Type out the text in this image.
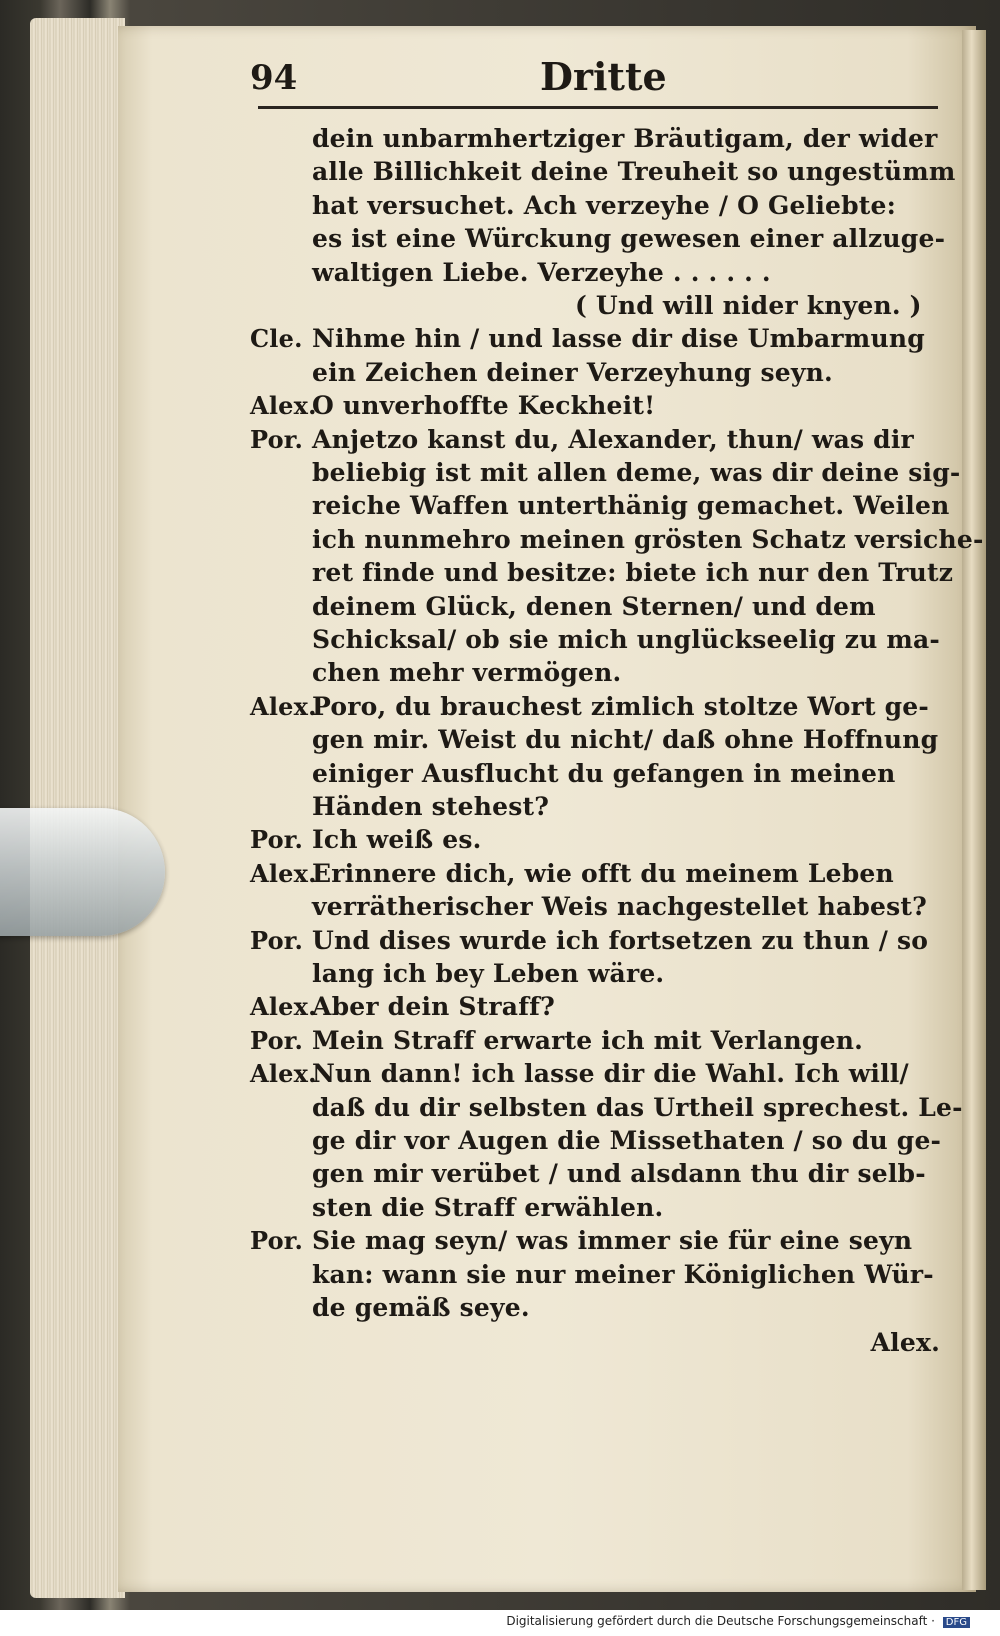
94	Dritte
dein unbarmhertziger Bräutigam, der wider
alle Billichkeit deine Treuheit so ungestümm
hat versuchet. Ach verzeyhe / O Geliebte:
es ist eine Würckung gewesen einer allzuge-
waltigen Liebe. Verzeyhe . . . . . .
( Und will nider knyen. )
Cle. Nihme hin / und lasse dir dise Umbarmung
ein Zeichen deiner Verzeyhung seyn.
Alex.
O unverhoffte Keckheit!
Por. Anjetzo kanst du, Alexander, thun/ was dir
beliebig ist mit allen deme, was dir deine sig-
reiche Waffen unterthänig gemachet. Weilen
ich nunmehro meinen grösten Schatz versiche-
ret finde und besitze: biete ich nur den Trutz
deinem Glück, denen Sternen/ und dem
Schicksal/ ob sie mich unglückseelig zu ma-
chen mehr vermögen.
Alex.
Poro, du brauchest zimlich stoltze Wort ge-
gen mir. Weist du nicht/ daß ohne Hoffnung
einiger Ausflucht du gefangen in meinen
Händen stehest?
Por. Ich weiß es.
Alex.
Erinnere dich, wie offt du meinem Leben
verrätherischer Weis nachgestellet habest?
Por. Und dises wurde ich fortsetzen zu thun / so
lang ich bey Leben wäre.
Alex.
Aber dein Straff?
Por. Mein Straff erwarte ich mit Verlangen.
Alex.
Nun dann! ich lasse dir die Wahl. Ich will/
daß du dir selbsten das Urtheil sprechest. Le-
ge dir vor Augen die Missethaten / so du ge-
gen mir verübet / und alsdann thu dir selb-
sten die Straff erwählen.
Por. Sie mag seyn/ was immer sie für eine seyn
kan: wann sie nur meiner Königlichen Wür-
de gemäß seye.
Alex.
Digitalisierung gefördert durch die Deutsche Forschungsgemeinschaft · DFG
